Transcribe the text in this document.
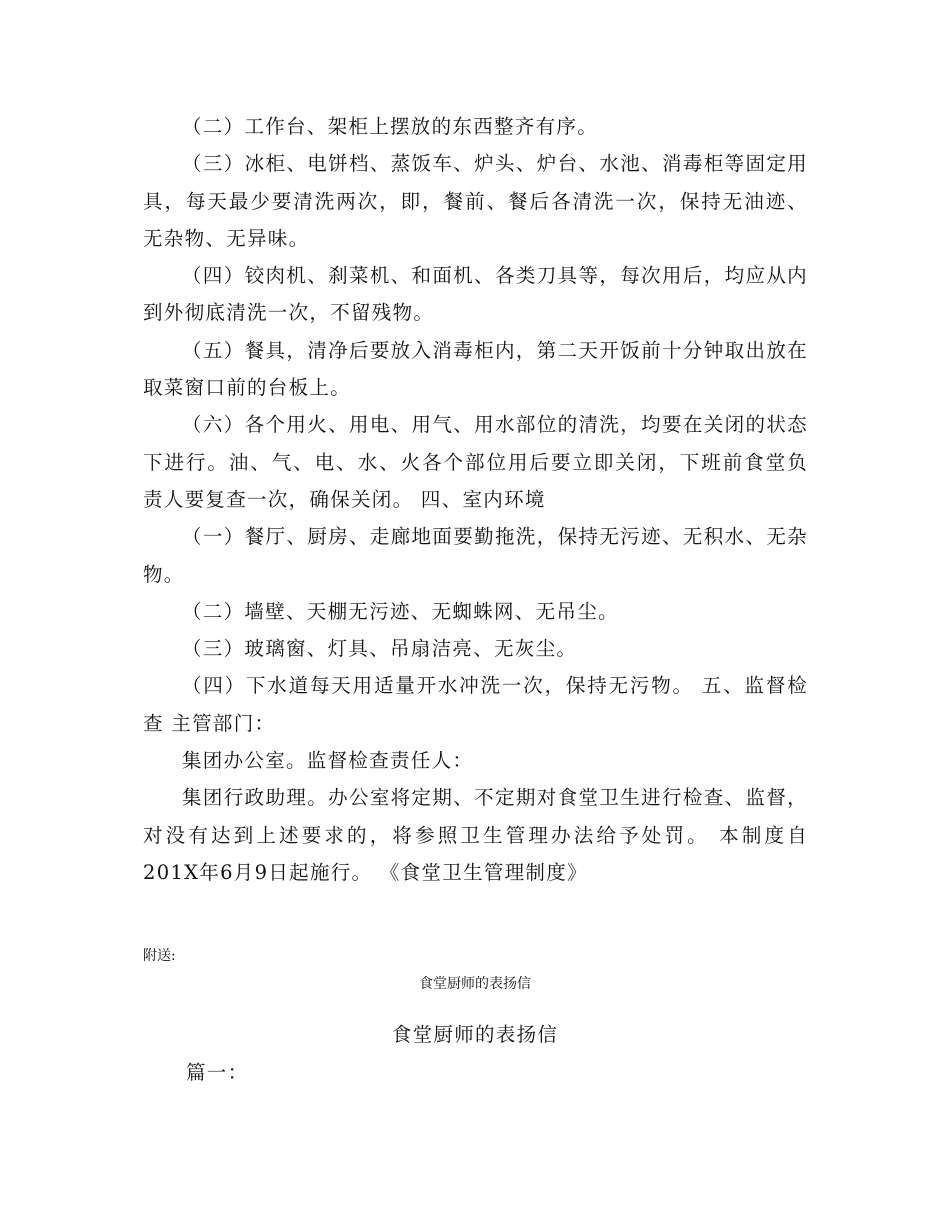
（二）工作台、架柜上摆放的东西整齐有序。

（三）冰柜、电饼档、蒸饭车、炉头、炉台、水池、消毒柜等固定用具，每天最少要清洗两次，即，餐前、餐后各清洗一次，保持无油迹、无杂物、无异味。

（四）铰肉机、刹菜机、和面机、各类刀具等，每次用后，均应从内到外彻底清洗一次，不留残物。

（五）餐具，清净后要放入消毒柜内，第二天开饭前十分钟取出放在取菜窗口前的台板上。

（六）各个用火、用电、用气、用水部位的清洗，均要在关闭的状态下进行。油、气、电、水、火各个部位用后要立即关闭，下班前食堂负责人要复查一次，确保关闭。 四、室内环境

（一）餐厅、厨房、走廊地面要勤拖洗，保持无污迹、无积水、无杂物。

（二）墙壁、天棚无污迹、无蜘蛛网、无吊尘。

（三）玻璃窗、灯具、吊扇洁亮、无灰尘。

（四）下水道每天用适量开水冲洗一次，保持无污物。 五、监督检查 主管部门：

集团办公室。监督检查责任人：

集团行政助理。办公室将定期、不定期对食堂卫生进行检查、监督，对没有达到上述要求的，将参照卫生管理办法给予处罚。 本制度自201X年6月9日起施行。 《食堂卫生管理制度》

附送:
食堂厨师的表扬信
食堂厨师的表扬信
篇一：
